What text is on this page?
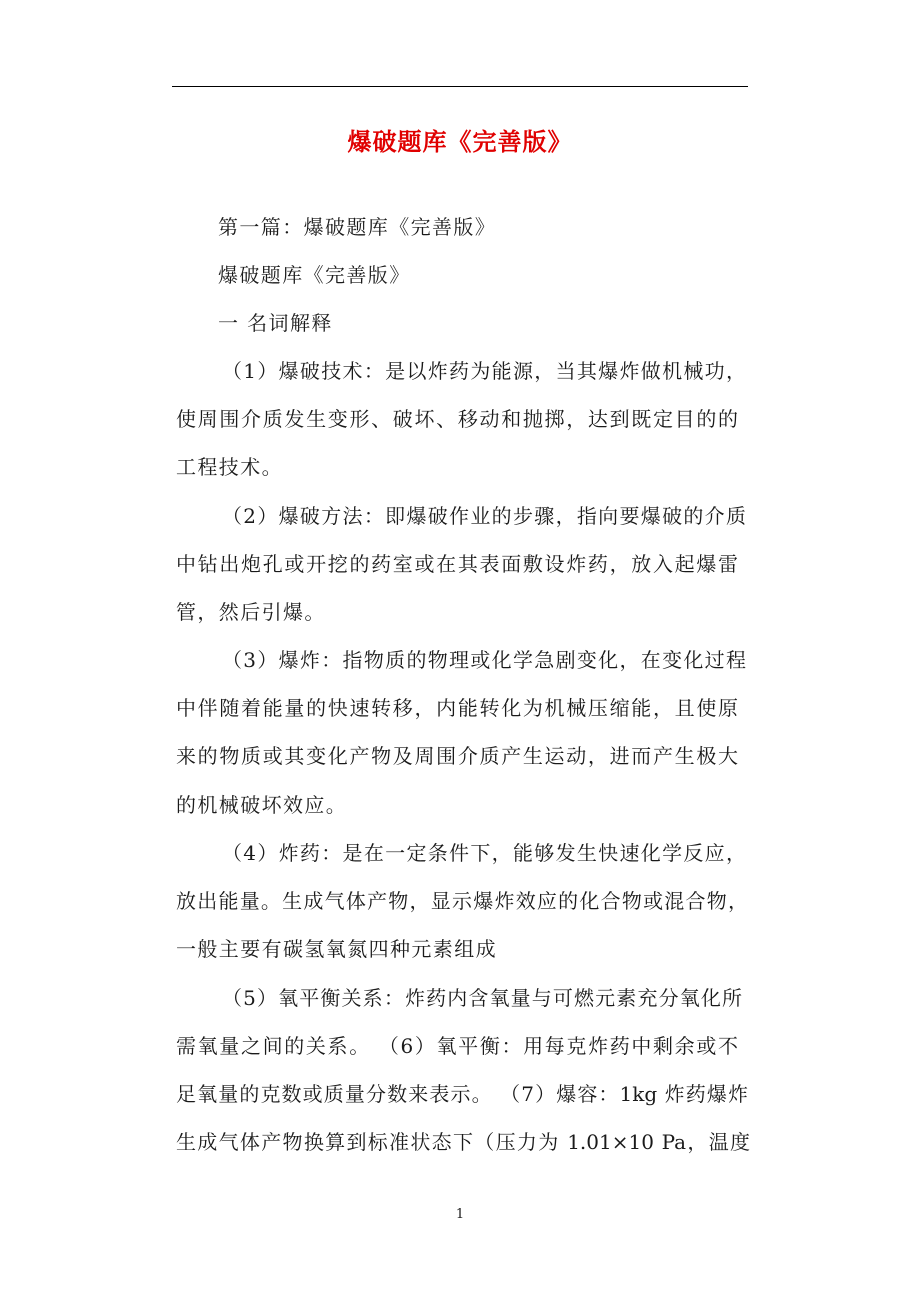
爆破题库《完善版》
第一篇：爆破题库《完善版》
爆破题库《完善版》
一 名词解释
（1）爆破技术：是以炸药为能源，当其爆炸做机械功，
使周围介质发生变形、破坏、移动和抛掷，达到既定目的的
工程技术。
（2）爆破方法：即爆破作业的步骤，指向要爆破的介质
中钻出炮孔或开挖的药室或在其表面敷设炸药，放入起爆雷
管，然后引爆。
（3）爆炸：指物质的物理或化学急剧变化，在变化过程
中伴随着能量的快速转移，内能转化为机械压缩能，且使原
来的物质或其变化产物及周围介质产生运动，进而产生极大
的机械破坏效应。
（4）炸药：是在一定条件下，能够发生快速化学反应，
放出能量。生成气体产物，显示爆炸效应的化合物或混合物，
一般主要有碳氢氧氮四种元素组成
（5）氧平衡关系：炸药内含氧量与可燃元素充分氧化所
需氧量之间的关系。 （6）氧平衡：用每克炸药中剩余或不
足氧量的克数或质量分数来表示。 （7）爆容：1kg 炸药爆炸
生成气体产物换算到标准状态下（压力为 1.01×10 Pa，温度
1
